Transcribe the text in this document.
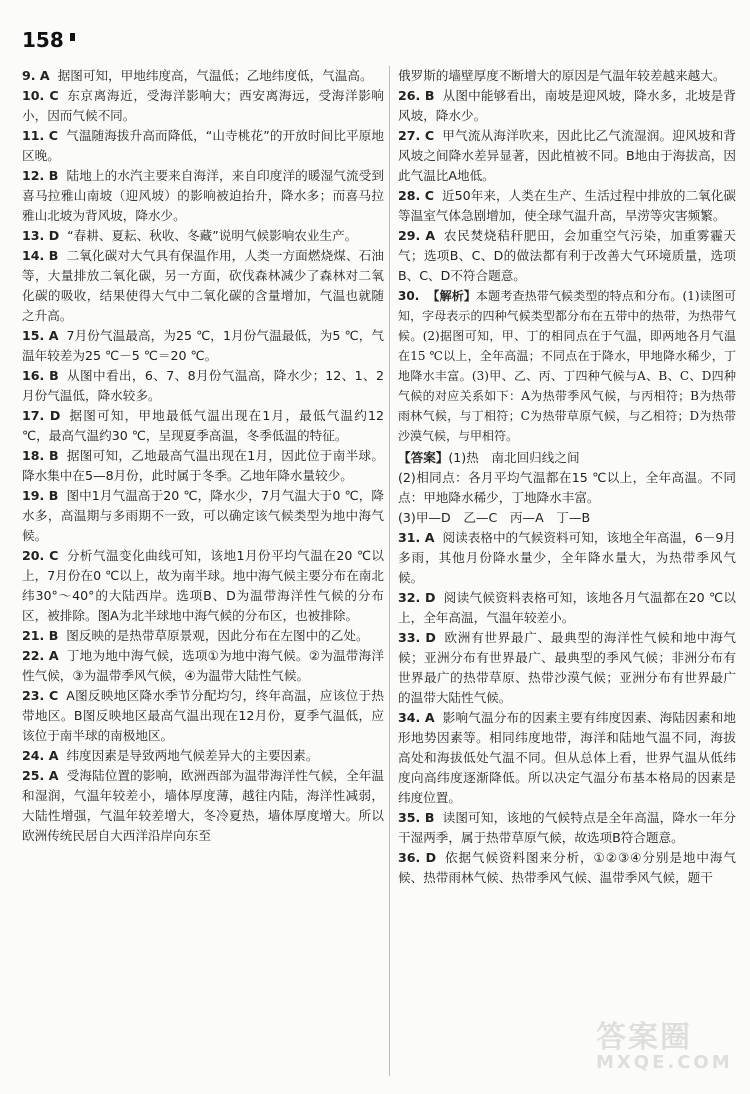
158
9. A 据图可知，甲地纬度高，气温低；乙地纬度低，气温高。
10. C 东京离海近，受海洋影响大；西安离海远，受海洋影响小，因而气候不同。
11. C 气温随海拔升高而降低，“山寺桃花”的开放时间比平原地区晚。
12. B 陆地上的水汽主要来自海洋，来自印度洋的暖湿气流受到喜马拉雅山南坡（迎风坡）的影响被迫抬升，降水多；而喜马拉雅山北坡为背风坡，降水少。
13. D “春耕、夏耘、秋收、冬藏”说明气候影响农业生产。
14. B 二氧化碳对大气具有保温作用，人类一方面燃烧煤、石油等，大量排放二氧化碳，另一方面，砍伐森林减少了森林对二氧化碳的吸收，结果使得大气中二氧化碳的含量增加，气温也就随之升高。
15. A 7月份气温最高，为25 ℃，1月份气温最低，为5 ℃，气温年较差为25 ℃－5 ℃＝20 ℃。
16. B 从图中看出，6、7、8月份气温高，降水少；12、1、2月份气温低，降水较多。
17. D 据图可知，甲地最低气温出现在1月，最低气温约12 ℃，最高气温约30 ℃，呈现夏季高温，冬季低温的特征。
18. B 据图可知，乙地最高气温出现在1月，因此位于南半球。降水集中在5—8月份，此时属于冬季。乙地年降水量较少。
19. B 图中1月气温高于20 ℃，降水少，7月气温大于0 ℃，降水多，高温期与多雨期不一致，可以确定该气候类型为地中海气候。
20. C 分析气温变化曲线可知，该地1月份平均气温在20 ℃以上，7月份在0 ℃以上，故为南半球。地中海气候主要分布在南北纬30°～40°的大陆西岸。选项B、D为温带海洋性气候的分布区，被排除。图A为北半球地中海气候的分布区，也被排除。
21. B 图反映的是热带草原景观，因此分布在左图中的乙处。
22. A 丁地为地中海气候，选项①为地中海气候。②为温带海洋性气候，③为温带季风气候，④为温带大陆性气候。
23. C A图反映地区降水季节分配均匀，终年高温，应该位于热带地区。B图反映地区最高气温出现在12月份，夏季气温低，应该位于南半球的南极地区。
24. A 纬度因素是导致两地气候差异大的主要因素。
25. A 受海陆位置的影响，欧洲西部为温带海洋性气候，全年温和湿润，气温年较差小，墙体厚度薄，越往内陆，海洋性减弱，大陆性增强，气温年较差增大，冬冷夏热，墙体厚度增大。所以欧洲传统民居自大西洋沿岸向东至
俄罗斯的墙壁厚度不断增大的原因是气温年较差越来越大。
26. B 从图中能够看出，南坡是迎风坡，降水多，北坡是背风坡，降水少。
27. C 甲气流从海洋吹来，因此比乙气流湿润。迎风坡和背风坡之间降水差异显著，因此植被不同。B地由于海拔高，因此气温比A地低。
28. C 近50年来，人类在生产、生活过程中排放的二氧化碳等温室气体急剧增加，使全球气温升高，旱涝等灾害频繁。
29. A 农民焚烧秸秆肥田，会加重空气污染，加重雾霾天气；选项B、C、D的做法都有利于改善大气环境质量，选项B、C、D不符合题意。
30. 【解析】本题考查热带气候类型的特点和分布。(1)读图可知，字母表示的四种气候类型都分布在五带中的热带，为热带气候。(2)据图可知，甲、丁的相同点在于气温，即两地各月气温在15 ℃以上，全年高温；不同点在于降水，甲地降水稀少，丁地降水丰富。(3)甲、乙、丙、丁四种气候与A、B、C、D四种气候的对应关系如下：A为热带季风气候，与丙相符；B为热带雨林气候，与丁相符；C为热带草原气候，与乙相符；D为热带沙漠气候，与甲相符。
【答案】(1)热　南北回归线之间
(2)相同点：各月平均气温都在15 ℃以上，全年高温。不同点：甲地降水稀少，丁地降水丰富。
(3)甲—D　乙—C　丙—A　丁—B
31. A 阅读表格中的气候资料可知，该地全年高温，6－9月多雨，其他月份降水量少，全年降水量大，为热带季风气候。
32. D 阅读气候资料表格可知，该地各月气温都在20 ℃以上，全年高温，气温年较差小。
33. D 欧洲有世界最广、最典型的海洋性气候和地中海气候；亚洲分布有世界最广、最典型的季风气候；非洲分布有世界最广的热带草原、热带沙漠气候；亚洲分布有世界最广的温带大陆性气候。
34. A 影响气温分布的因素主要有纬度因素、海陆因素和地形地势因素等。相同纬度地带，海洋和陆地气温不同，海拔高处和海拔低处气温不同。但从总体上看，世界气温从低纬度向高纬度逐渐降低。所以决定气温分布基本格局的因素是纬度位置。
35. B 读图可知，该地的气候特点是全年高温，降水一年分干湿两季，属于热带草原气候，故选项B符合题意。
36. D 依据气候资料图来分析，①②③④分别是地中海气候、热带雨林气候、热带季风气候、温带季风气候，题干
答案圈
MXQE.COM
